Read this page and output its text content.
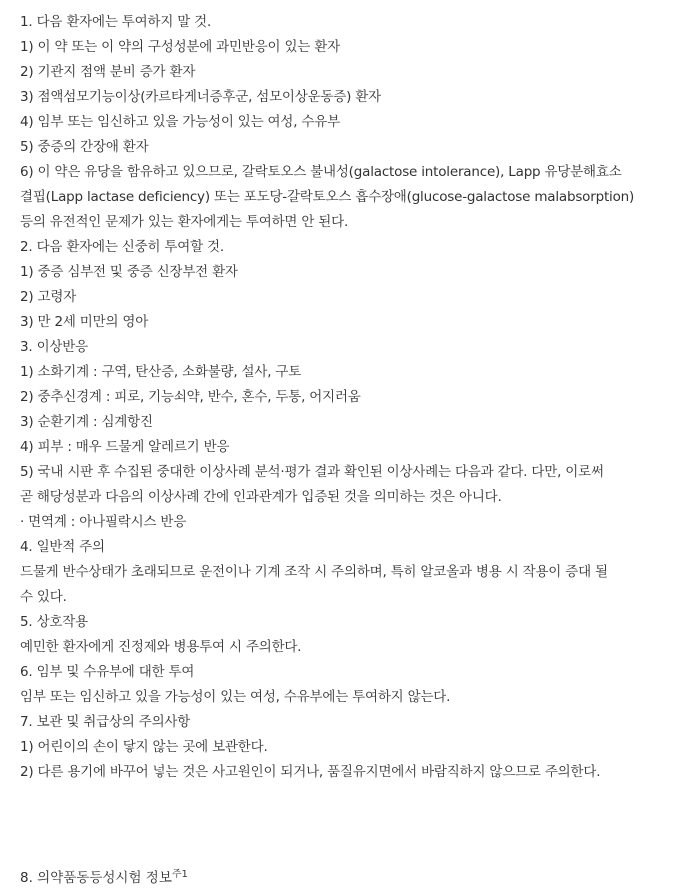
1. 다음 환자에는 투여하지 말 것.
1) 이 약 또는 이 약의 구성성분에 과민반응이 있는 환자
2) 기관지 점액 분비 증가 환자
3) 점액섬모기능이상(카르타게너증후군, 섬모이상운동증) 환자
4) 임부 또는 임신하고 있을 가능성이 있는 여성, 수유부
5) 중증의 간장애 환자
6) 이 약은 유당을 함유하고 있으므로, 갈락토오스 불내성(galactose intolerance), Lapp 유당분해효소
결핍(Lapp lactase deficiency) 또는 포도당-갈락토오스 흡수장애(glucose-galactose malabsorption)
등의 유전적인 문제가 있는 환자에게는 투여하면 안 된다.
2. 다음 환자에는 신중히 투여할 것.
1) 중증 심부전 및 중증 신장부전 환자
2) 고령자
3) 만 2세 미만의 영아
3. 이상반응
1) 소화기계 : 구역, 탄산증, 소화불량, 설사, 구토
2) 중추신경계 : 피로, 기능쇠약, 반수, 혼수, 두통, 어지러움
3) 순환기계 : 심계항진
4) 피부 : 매우 드물게 알레르기 반응
5) 국내 시판 후 수집된 중대한 이상사례 분석·평가 결과 확인된 이상사례는 다음과 같다. 다만, 이로써
곧 해당성분과 다음의 이상사례 간에 인과관계가 입증된 것을 의미하는 것은 아니다.
· 면역계 : 아나필락시스 반응
4. 일반적 주의
드물게 반수상태가 초래되므로 운전이나 기계 조작 시 주의하며, 특히 알코올과 병용 시 작용이 증대 될
수 있다.
5. 상호작용
예민한 환자에게 진정제와 병용투여 시 주의한다.
6. 임부 및 수유부에 대한 투여
임부 또는 임신하고 있을 가능성이 있는 여성, 수유부에는 투여하지 않는다.
7. 보관 및 취급상의 주의사항
1) 어린이의 손이 닿지 않는 곳에 보관한다.
2) 다른 용기에 바꾸어 넣는 것은 사고원인이 되거나, 품질유지면에서 바람직하지 않으므로 주의한다.
8. 의약품동등성시험 정보$^{주1}$
